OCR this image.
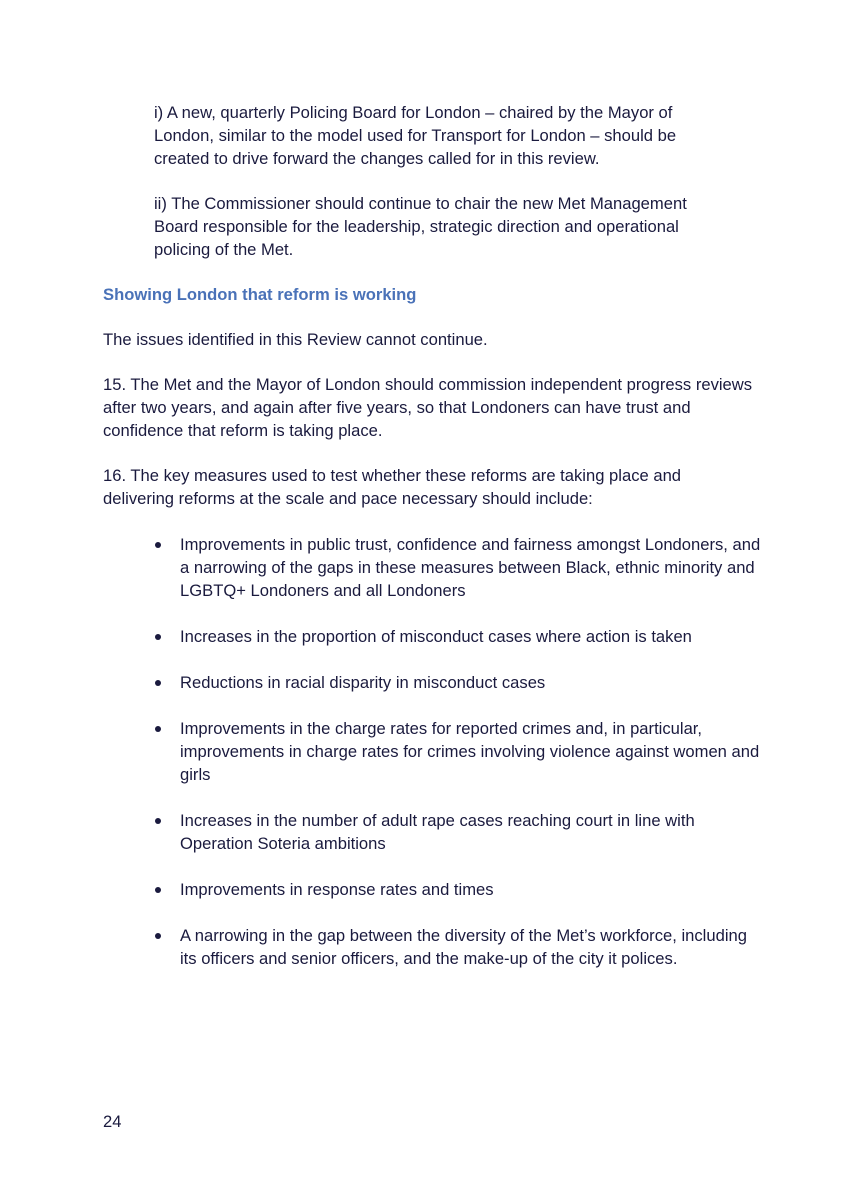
i) A new, quarterly Policing Board for London – chaired by the Mayor of London, similar to the model used for Transport for London – should be created to drive forward the changes called for in this review.

ii) The Commissioner should continue to chair the new Met Management Board responsible for the leadership, strategic direction and operational policing of the Met.

Showing London that reform is working

The issues identified in this Review cannot continue.

15. The Met and the Mayor of London should commission independent progress reviews after two years, and again after five years, so that Londoners can have trust and confidence that reform is taking place.

16. The key measures used to test whether these reforms are taking place and delivering reforms at the scale and pace necessary should include:

Improvements in public trust, confidence and fairness amongst Londoners, and a narrowing of the gaps in these measures between Black, ethnic minority and LGBTQ+ Londoners and all Londoners
Increases in the proportion of misconduct cases where action is taken
Reductions in racial disparity in misconduct cases
Improvements in the charge rates for reported crimes and, in particular, improvements in charge rates for crimes involving violence against women and girls
Increases in the number of adult rape cases reaching court in line with Operation Soteria ambitions
Improvements in response rates and times
A narrowing in the gap between the diversity of the Met’s workforce, including its officers and senior officers, and the make-up of the city it polices.

24
